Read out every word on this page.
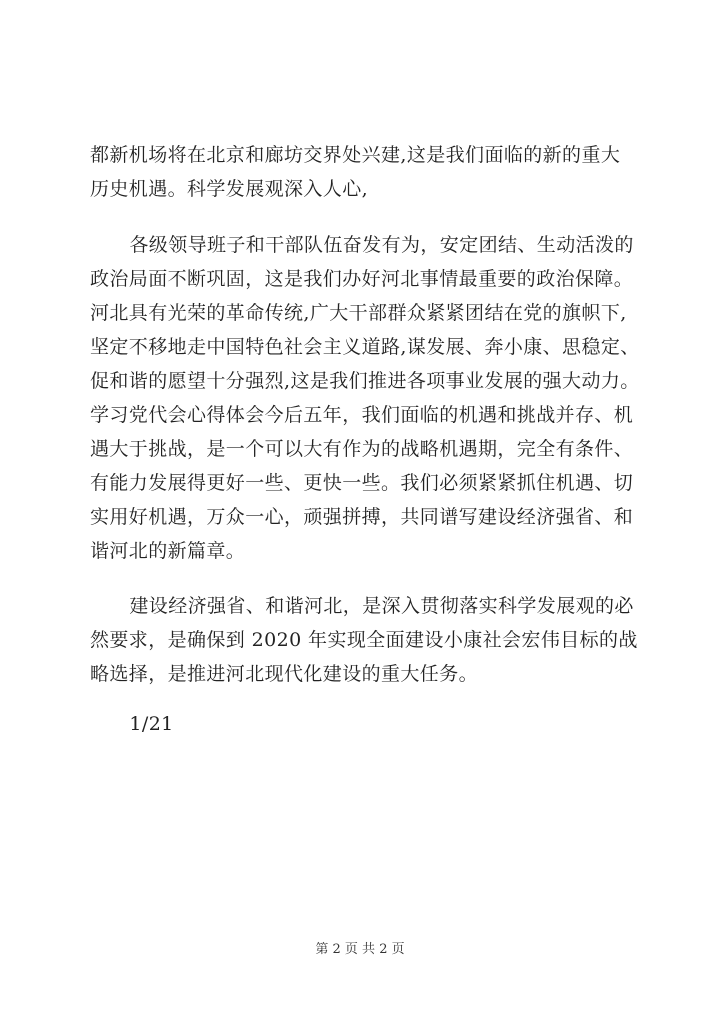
都新机场将在北京和廊坊交界处兴建,这是我们面临的新的重大
历史机遇。科学发展观深入人心,
　各级领导班子和干部队伍奋发有为，安定团结、生动活泼的
政治局面不断巩固，这是我们办好河北事情最重要的政治保障。
河北具有光荣的革命传统,广大干部群众紧紧团结在党的旗帜下,
坚定不移地走中国特色社会主义道路,谋发展、奔小康、思稳定、
促和谐的愿望十分强烈,这是我们推进各项事业发展的强大动力。
学习党代会心得体会今后五年，我们面临的机遇和挑战并存、机
遇大于挑战，是一个可以大有作为的战略机遇期，完全有条件、
有能力发展得更好一些、更快一些。我们必须紧紧抓住机遇、切
实用好机遇，万众一心，顽强拼搏，共同谱写建设经济强省、和
谐河北的新篇章。
　建设经济强省、和谐河北，是深入贯彻落实科学发展观的必
然要求，是确保到 2020 年实现全面建设小康社会宏伟目标的战
略选择，是推进河北现代化建设的重大任务。
　1/21
第 2 页 共 2 页
